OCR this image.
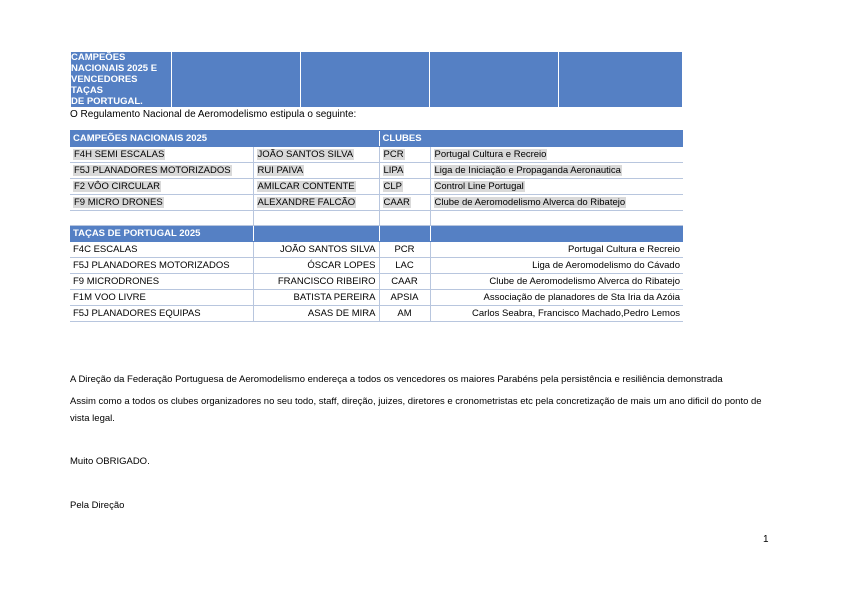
CAMPEÕES
NACIONAIS 2025 E
VENCEDORES TAÇAS
DE PORTUGAL.

O Regulamento Nacional de Aeromodelismo estipula o seguinte:
CAMPEÕES NACIONAIS 2025		CLUBES	
F4H SEMI ESCALAS	JOÃO SANTOS SILVA	PCR	Portugal Cultura e Recreio
F5J PLANADORES MOTORIZADOS	RUI PAIVA	LIPA	Liga de Iniciação e Propaganda Aeronautica
F2 VÔO CIRCULAR	AMILCAR CONTENTE	CLP	Control Line Portugal
F9 MICRO DRONES	ALEXANDRE FALCÃO	CAAR	Clube de Aeromodelismo Alverca do Ribatejo

TAÇAS DE PORTUGAL 2025			
F4C ESCALAS	JOÃO SANTOS SILVA	PCR	Portugal Cultura e Recreio
F5J PLANADORES MOTORIZADOS	ÓSCAR LOPES	LAC	Liga de Aeromodelismo do Cávado
F9 MICRODRONES	FRANCISCO RIBEIRO	CAAR	Clube de Aeromodelismo Alverca do Ribatejo
F1M VOO LIVRE	BATISTA PEREIRA	APSIA	Associação de planadores de Sta Iria da Azóia
F5J PLANADORES EQUIPAS	ASAS DE MIRA	AM	Carlos Seabra, Francisco Machado,Pedro Lemos
A Direção da Federação Portuguesa de Aeromodelismo endereça a todos os vencedores os maiores Parabéns pela persistência e resiliência demonstrada
Assim como a todos os clubes organizadores no seu todo, staff, direção, juizes, diretores e cronometristas etc pela concretização de mais um ano dificil do ponto de vista legal.
Muito OBRIGADO.
Pela Direção
1
